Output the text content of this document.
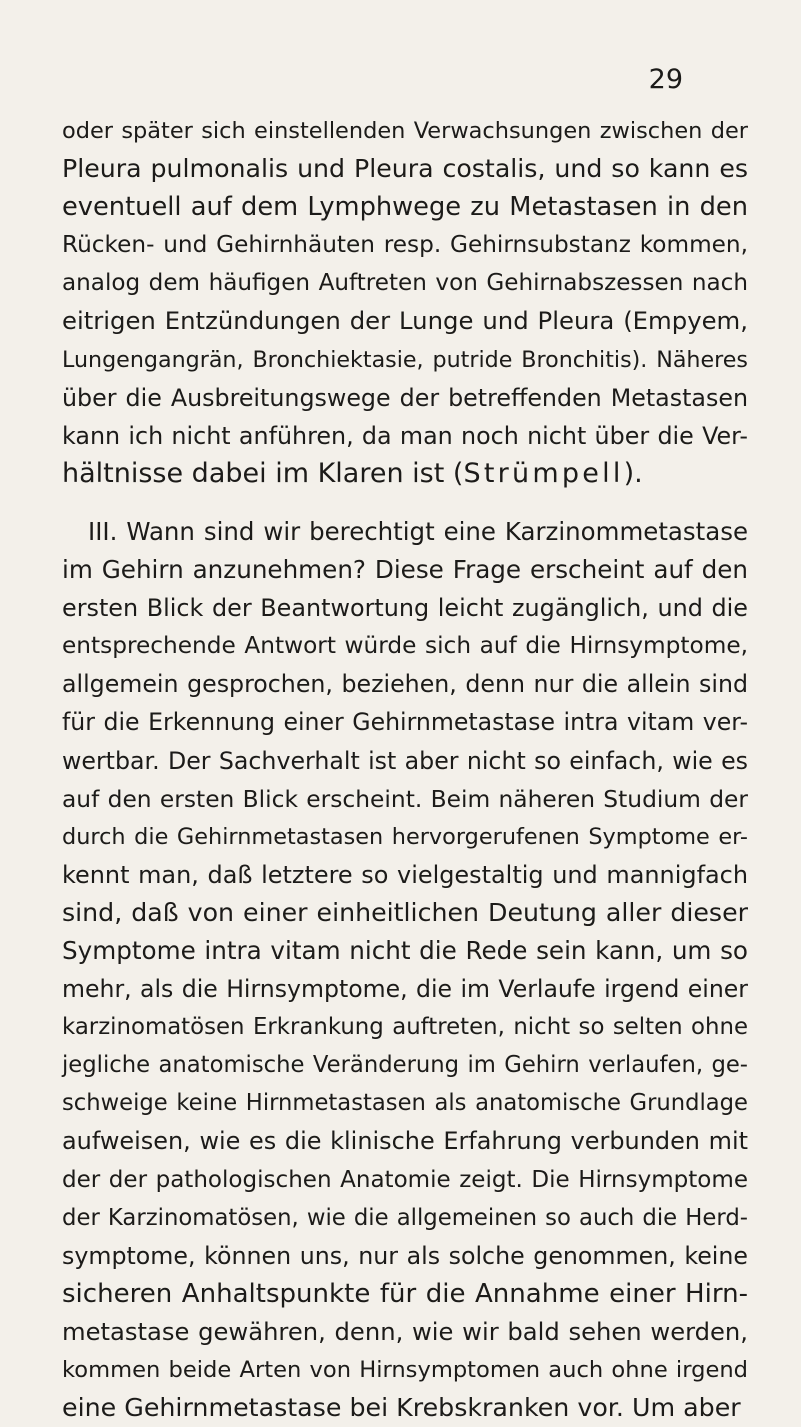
29
oder später sich einstellenden Verwachsungen zwischen der
Pleura pulmonalis und Pleura costalis, und so kann es
eventuell auf dem Lymphwege zu Metastasen in den
Rücken- und Gehirnhäuten resp. Gehirnsubstanz kommen,
analog dem häufigen Auftreten von Gehirnabszessen nach
eitrigen Entzündungen der Lunge und Pleura (Empyem,
Lungengangrän, Bronchiektasie, putride Bronchitis). Näheres
über die Ausbreitungswege der betreffenden Metastasen
kann ich nicht anführen, da man noch nicht über die Ver-
hältnisse dabei im Klaren ist (Strümpell).
III. Wann sind wir berechtigt eine Karzinommetastase
im Gehirn anzunehmen? Diese Frage erscheint auf den
ersten Blick der Beantwortung leicht zugänglich, und die
entsprechende Antwort würde sich auf die Hirnsymptome,
allgemein gesprochen, beziehen, denn nur die allein sind
für die Erkennung einer Gehirnmetastase intra vitam ver-
wertbar. Der Sachverhalt ist aber nicht so einfach, wie es
auf den ersten Blick erscheint. Beim näheren Studium der
durch die Gehirnmetastasen hervorgerufenen Symptome er-
kennt man, daß letztere so vielgestaltig und mannigfach
sind, daß von einer einheitlichen Deutung aller dieser
Symptome intra vitam nicht die Rede sein kann, um so
mehr, als die Hirnsymptome, die im Verlaufe irgend einer
karzinomatösen Erkrankung auftreten, nicht so selten ohne
jegliche anatomische Veränderung im Gehirn verlaufen, ge-
schweige keine Hirnmetastasen als anatomische Grundlage
aufweisen, wie es die klinische Erfahrung verbunden mit
der der pathologischen Anatomie zeigt. Die Hirnsymptome
der Karzinomatösen, wie die allgemeinen so auch die Herd-
symptome, können uns, nur als solche genommen, keine
sicheren Anhaltspunkte für die Annahme einer Hirn-
metastase gewähren, denn, wie wir bald sehen werden,
kommen beide Arten von Hirnsymptomen auch ohne irgend
eine Gehirnmetastase bei Krebskranken vor. Um aber
